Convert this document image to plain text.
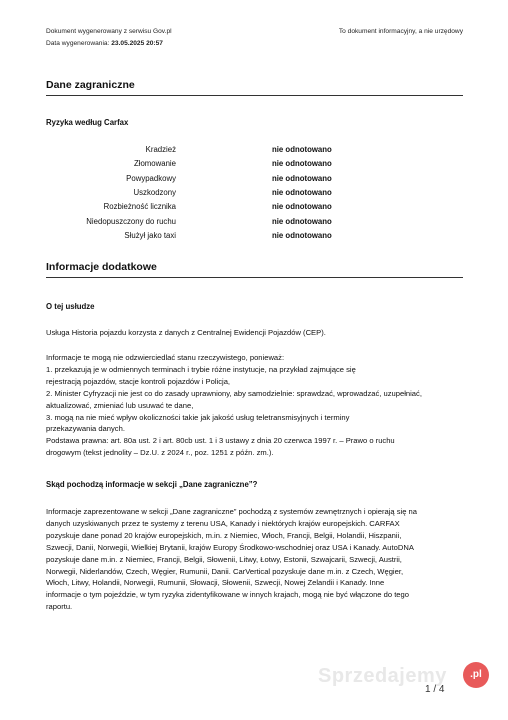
Dokument wygenerowany z serwisu Gov.pl
Data wygenerowania: 23.05.2025 20:57
To dokument informacyjny, a nie urzędowy
Dane zagraniczne
Ryzyka według Carfax
Kradzież	nie odnotowano
Złomowanie	nie odnotowano
Powypadkowy	nie odnotowano
Uszkodzony	nie odnotowano
Rozbieżność licznika	nie odnotowano
Niedopuszczony do ruchu	nie odnotowano
Służył jako taxi	nie odnotowano
Informacje dodatkowe
O tej usłudze

Usługa Historia pojazdu korzysta z danych z Centralnej Ewidencji Pojazdów (CEP).

Informacje te mogą nie odzwierciedlać stanu rzeczywistego, ponieważ:

1. przekazują je w odmiennych terminach i trybie różne instytucje, na przykład zajmujące się

rejestracją pojazdów, stacje kontroli pojazdów i Policja,

2. Minister Cyfryzacji nie jest co do zasady uprawniony, aby samodzielnie: sprawdzać, wprowadzać, uzupełniać,

aktualizować, zmieniać lub usuwać te dane,

3. mogą na nie mieć wpływ okoliczności takie jak jakość usług teletransmisyjnych i terminy

przekazywania danych.

Podstawa prawna: art. 80a ust. 2 i art. 80cb ust. 1 i 3 ustawy z dnia 20 czerwca 1997 r. – Prawo o ruchu

drogowym (tekst jednolity – Dz.U. z 2024 r., poz. 1251 z późn. zm.).

Skąd pochodzą informacje w sekcji „Dane zagraniczne”?

Informacje zaprezentowane w sekcji „Dane zagraniczne” pochodzą z systemów zewnętrznych i opierają się na

danych uzyskiwanych przez te systemy z terenu USA, Kanady i niektórych krajów europejskich. CARFAX

pozyskuje dane ponad 20 krajów europejskich, m.in. z Niemiec, Włoch, Francji, Belgii, Holandii, Hiszpanii,

Szwecji, Danii, Norwegii, Wielkiej Brytanii, krajów Europy Środkowo-wschodniej oraz USA i Kanady. AutoDNA

pozyskuje dane m.in. z Niemiec, Francji, Belgii, Słowenii, Litwy, Łotwy, Estonii, Szwajcarii, Szwecji, Austrii,

Norwegii, Niderlandów, Czech, Węgier, Rumunii, Danii. CarVertical pozyskuje dane m.in. z Czech, Węgier,

Włoch, Litwy, Holandii, Norwegii, Rumunii, Słowacji, Słowenii, Szwecji, Nowej Zelandii i Kanady. Inne

informacje o tym pojeździe, w tym ryzyka zidentyfikowane w innych krajach, mogą nie być włączone do tego

raportu.

1 / 4
Sprzedajemy	.pl
